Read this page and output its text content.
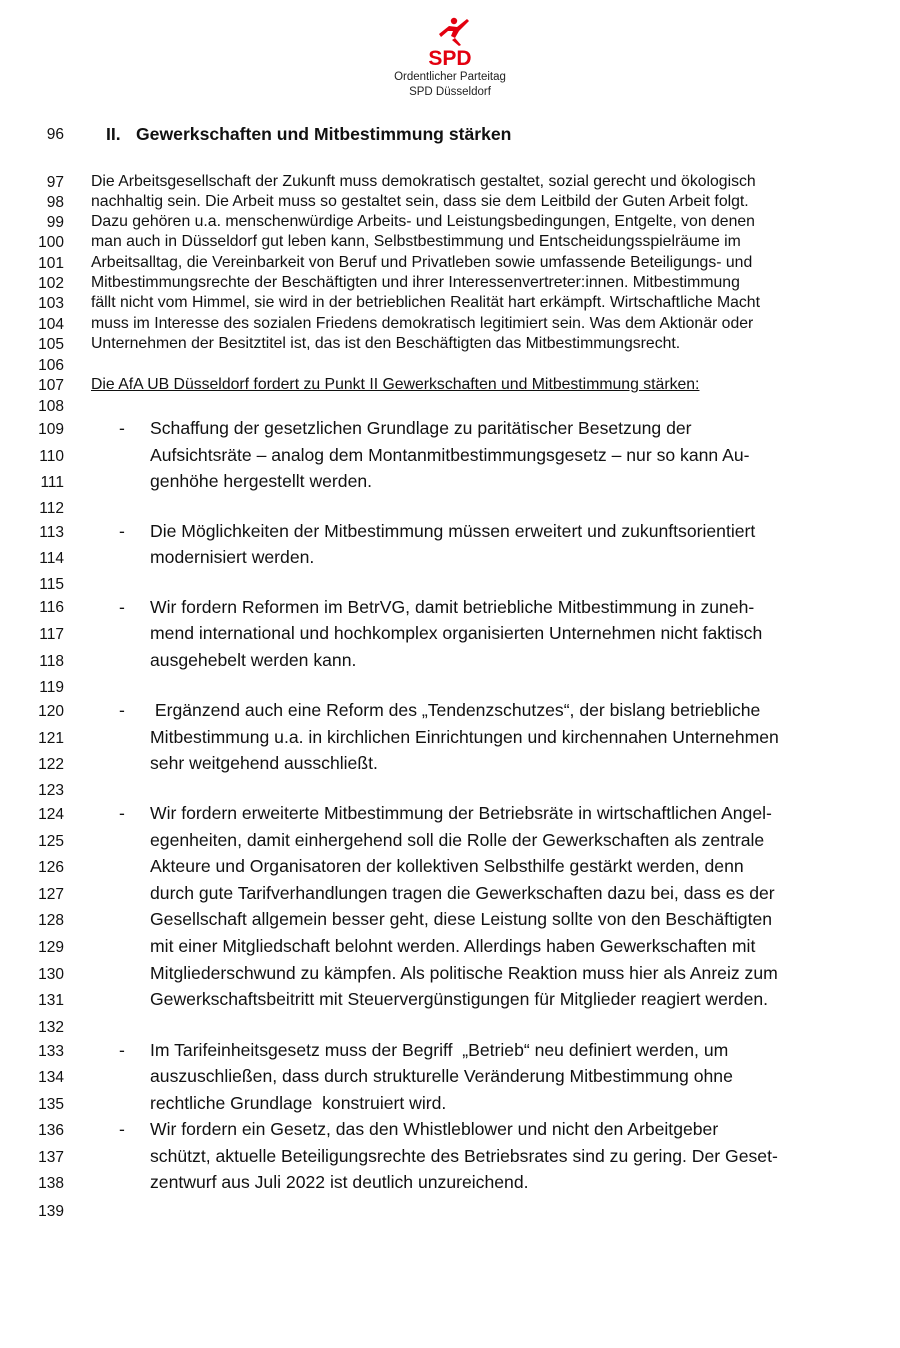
SPD
Ordentlicher Parteitag
SPD Düsseldorf
96
97
98
99
100
101
102
103
104
105
106
107
108
109
110
111
112
113
114
115
116
117
118
119
120
121
122
123
124
125
126
127
128
129
130
131
132
133
134
135
136
137
138
139
II. Gewerkschaften und Mitbestimmung stärken
Die Arbeitsgesellschaft der Zukunft muss demokratisch gestaltet, sozial gerecht und ökologisch
nachhaltig sein. Die Arbeit muss so gestaltet sein, dass sie dem Leitbild der Guten Arbeit folgt.
Dazu gehören u.a. menschenwürdige Arbeits- und Leistungsbedingungen, Entgelte, von denen
man auch in Düsseldorf gut leben kann, Selbstbestimmung und Entscheidungsspielräume im
Arbeitsalltag, die Vereinbarkeit von Beruf und Privatleben sowie umfassende Beteiligungs- und
Mitbestimmungsrechte der Beschäftigten und ihrer Interessenvertreter:innen. Mitbestimmung
fällt nicht vom Himmel, sie wird in der betrieblichen Realität hart erkämpft. Wirtschaftliche Macht
muss im Interesse des sozialen Friedens demokratisch legitimiert sein. Was dem Aktionär oder
Unternehmen der Besitztitel ist, das ist den Beschäftigten das Mitbestimmungsrecht.
Die AfA UB Düsseldorf fordert zu Punkt II Gewerkschaften und Mitbestimmung stärken:
- Schaffung der gesetzlichen Grundlage zu paritätischer Besetzung der
Aufsichtsräte – analog dem Montanmitbestimmungsgesetz – nur so kann Au-
genhöhe hergestellt werden.
- Die Möglichkeiten der Mitbestimmung müssen erweitert und zukunftsorientiert
modernisiert werden.
- Wir fordern Reformen im BetrVG, damit betriebliche Mitbestimmung in zuneh-
mend international und hochkomplex organisierten Unternehmen nicht faktisch
ausgehebelt werden kann.
- Ergänzend auch eine Reform des „Tendenzschutzes“, der bislang betriebliche
Mitbestimmung u.a. in kirchlichen Einrichtungen und kirchennahen Unternehmen
sehr weitgehend ausschließt.
- Wir fordern erweiterte Mitbestimmung der Betriebsräte in wirtschaftlichen Angel-
egenheiten, damit einhergehend soll die Rolle der Gewerkschaften als zentrale
Akteure und Organisatoren der kollektiven Selbsthilfe gestärkt werden, denn
durch gute Tarifverhandlungen tragen die Gewerkschaften dazu bei, dass es der
Gesellschaft allgemein besser geht, diese Leistung sollte von den Beschäftigten
mit einer Mitgliedschaft belohnt werden. Allerdings haben Gewerkschaften mit
Mitgliederschwund zu kämpfen. Als politische Reaktion muss hier als Anreiz zum
Gewerkschaftsbeitritt mit Steuervergünstigungen für Mitglieder reagiert werden.
- Im Tarifeinheitsgesetz muss der Begriff  „Betrieb“ neu definiert werden, um
auszuschließen, dass durch strukturelle Veränderung Mitbestimmung ohne
rechtliche Grundlage  konstruiert wird.
- Wir fordern ein Gesetz, das den Whistleblower und nicht den Arbeitgeber
schützt, aktuelle Beteiligungsrechte des Betriebsrates sind zu gering. Der Geset-
zentwurf aus Juli 2022 ist deutlich unzureichend.
